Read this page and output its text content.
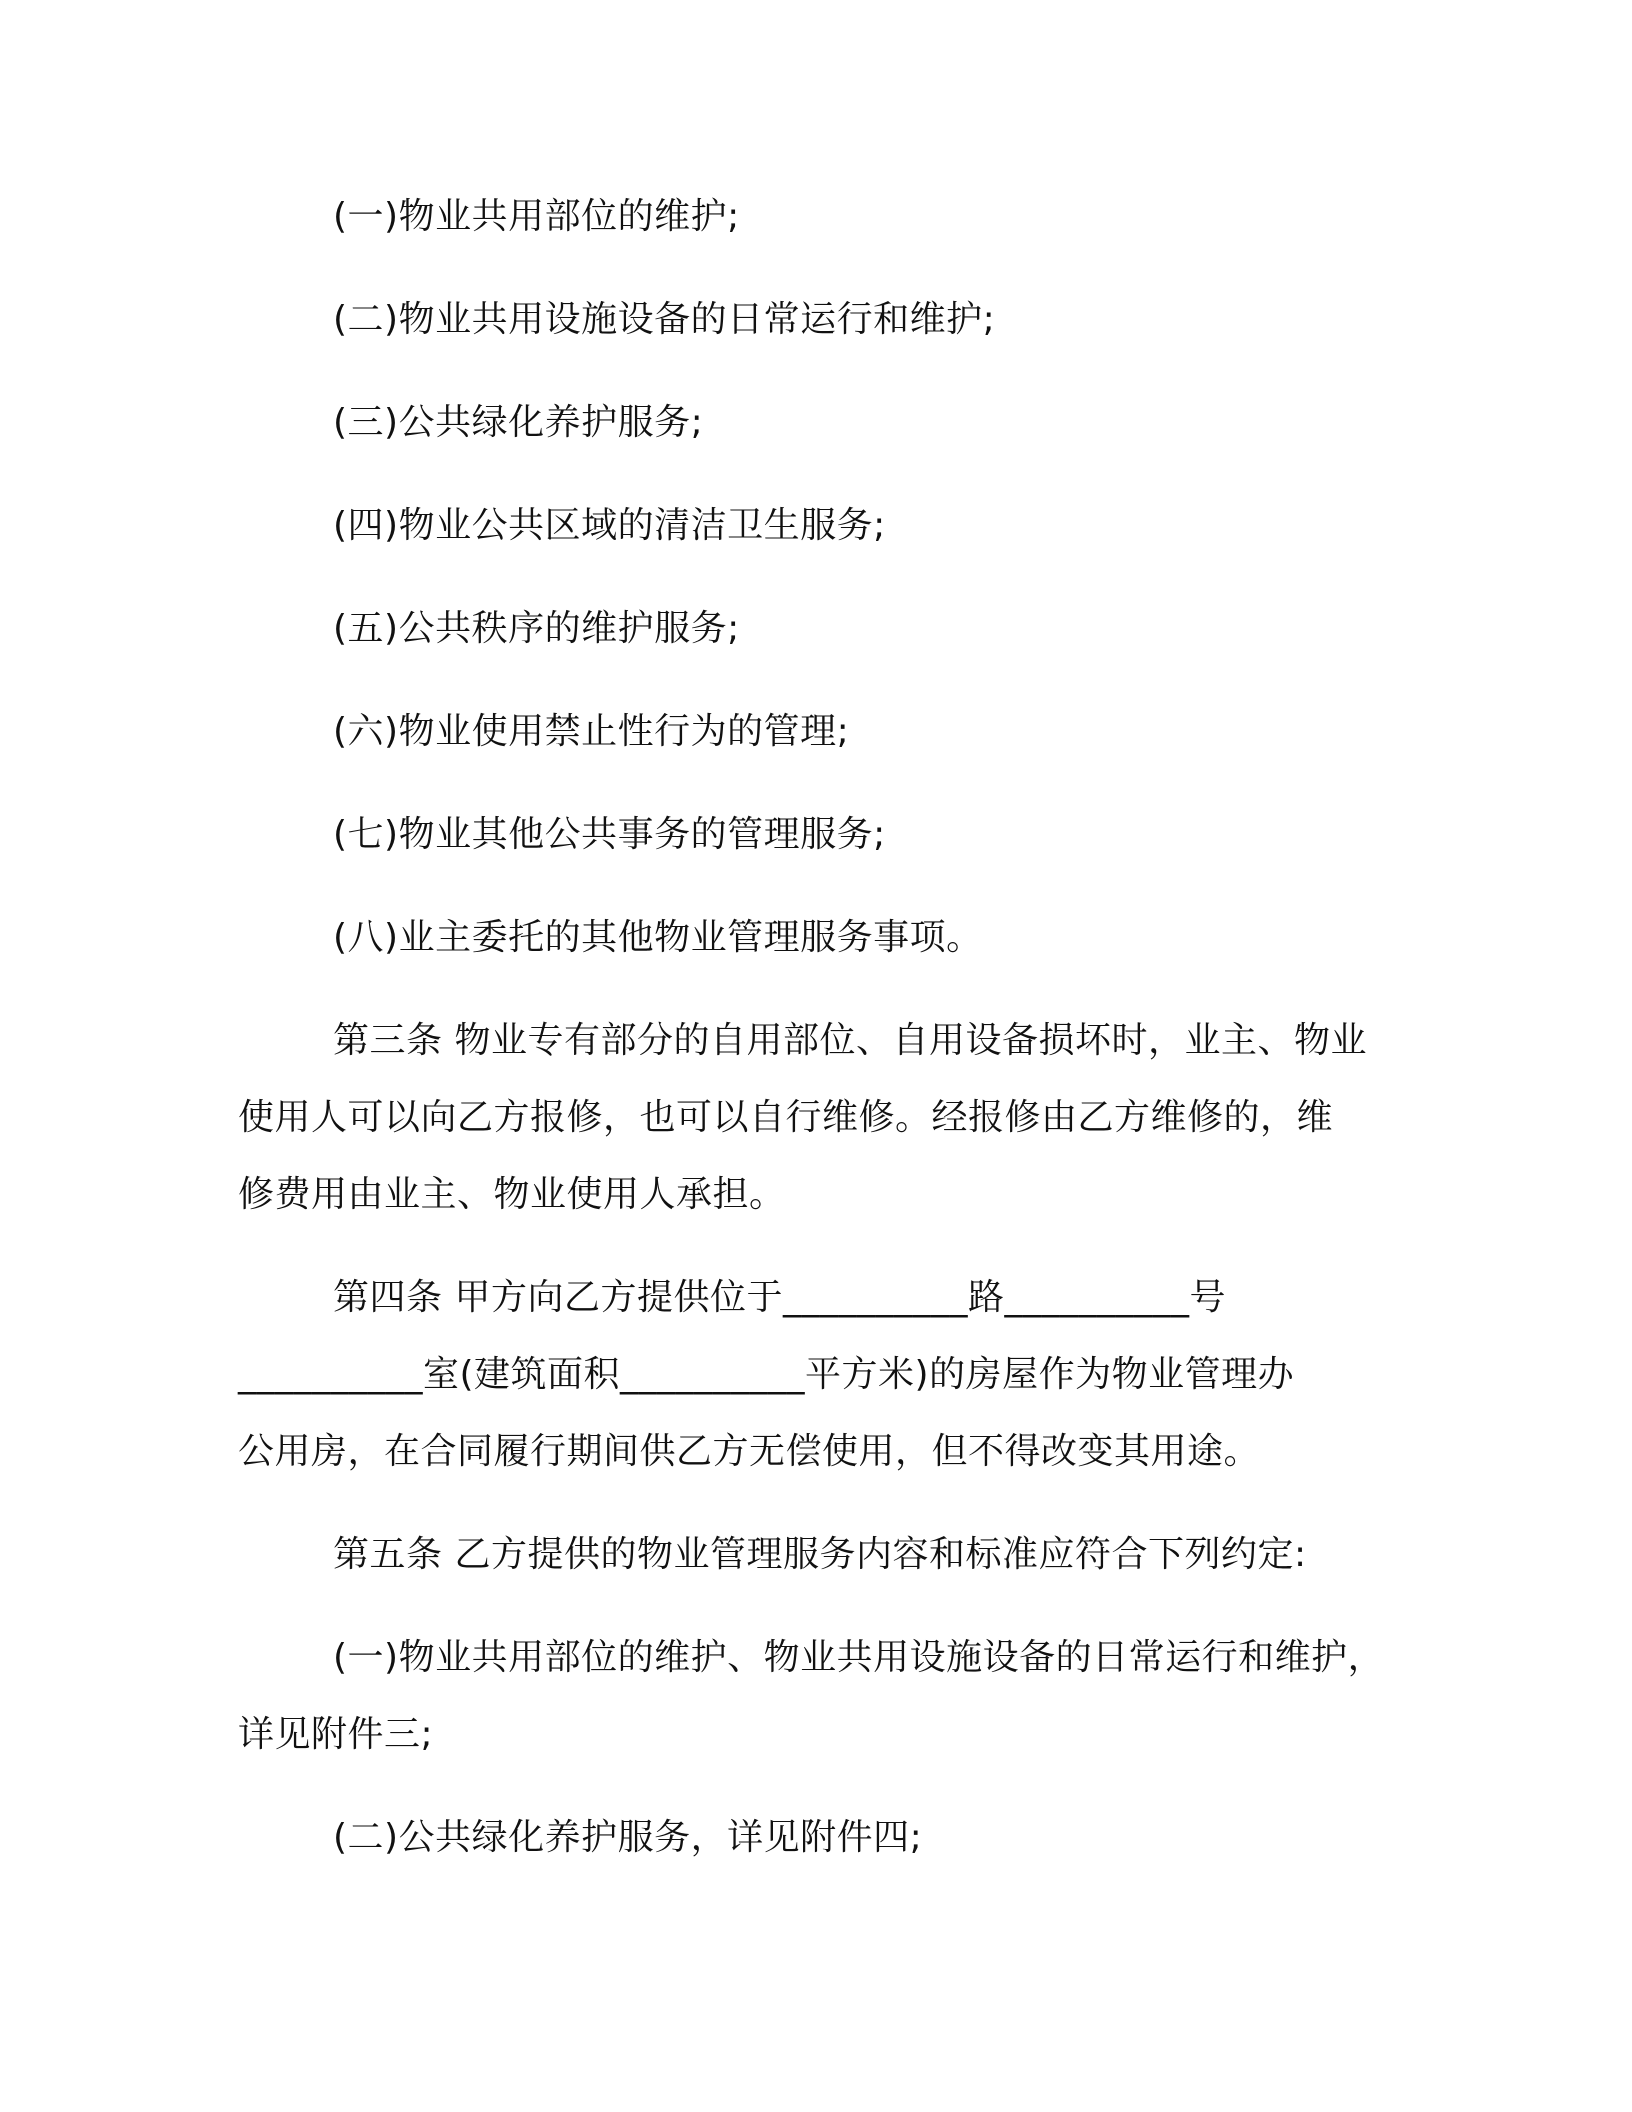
(一)物业共用部位的维护;
(二)物业共用设施设备的日常运行和维护;
(三)公共绿化养护服务;
(四)物业公共区域的清洁卫生服务;
(五)公共秩序的维护服务;
(六)物业使用禁止性行为的管理;
(七)物业其他公共事务的管理服务;
(八)业主委托的其他物业管理服务事项。
第三条 物业专有部分的自用部位、自用设备损坏时，业主、物业
使用人可以向乙方报修，也可以自行维修。经报修由乙方维修的，维
修费用由业主、物业使用人承担。
第四条 甲方向乙方提供位于__________路__________号
__________室(建筑面积__________平方米)的房屋作为物业管理办
公用房，在合同履行期间供乙方无偿使用，但不得改变其用途。
第五条 乙方提供的物业管理服务内容和标准应符合下列约定:
(一)物业共用部位的维护、物业共用设施设备的日常运行和维护，
详见附件三;
(二)公共绿化养护服务，详见附件四;
